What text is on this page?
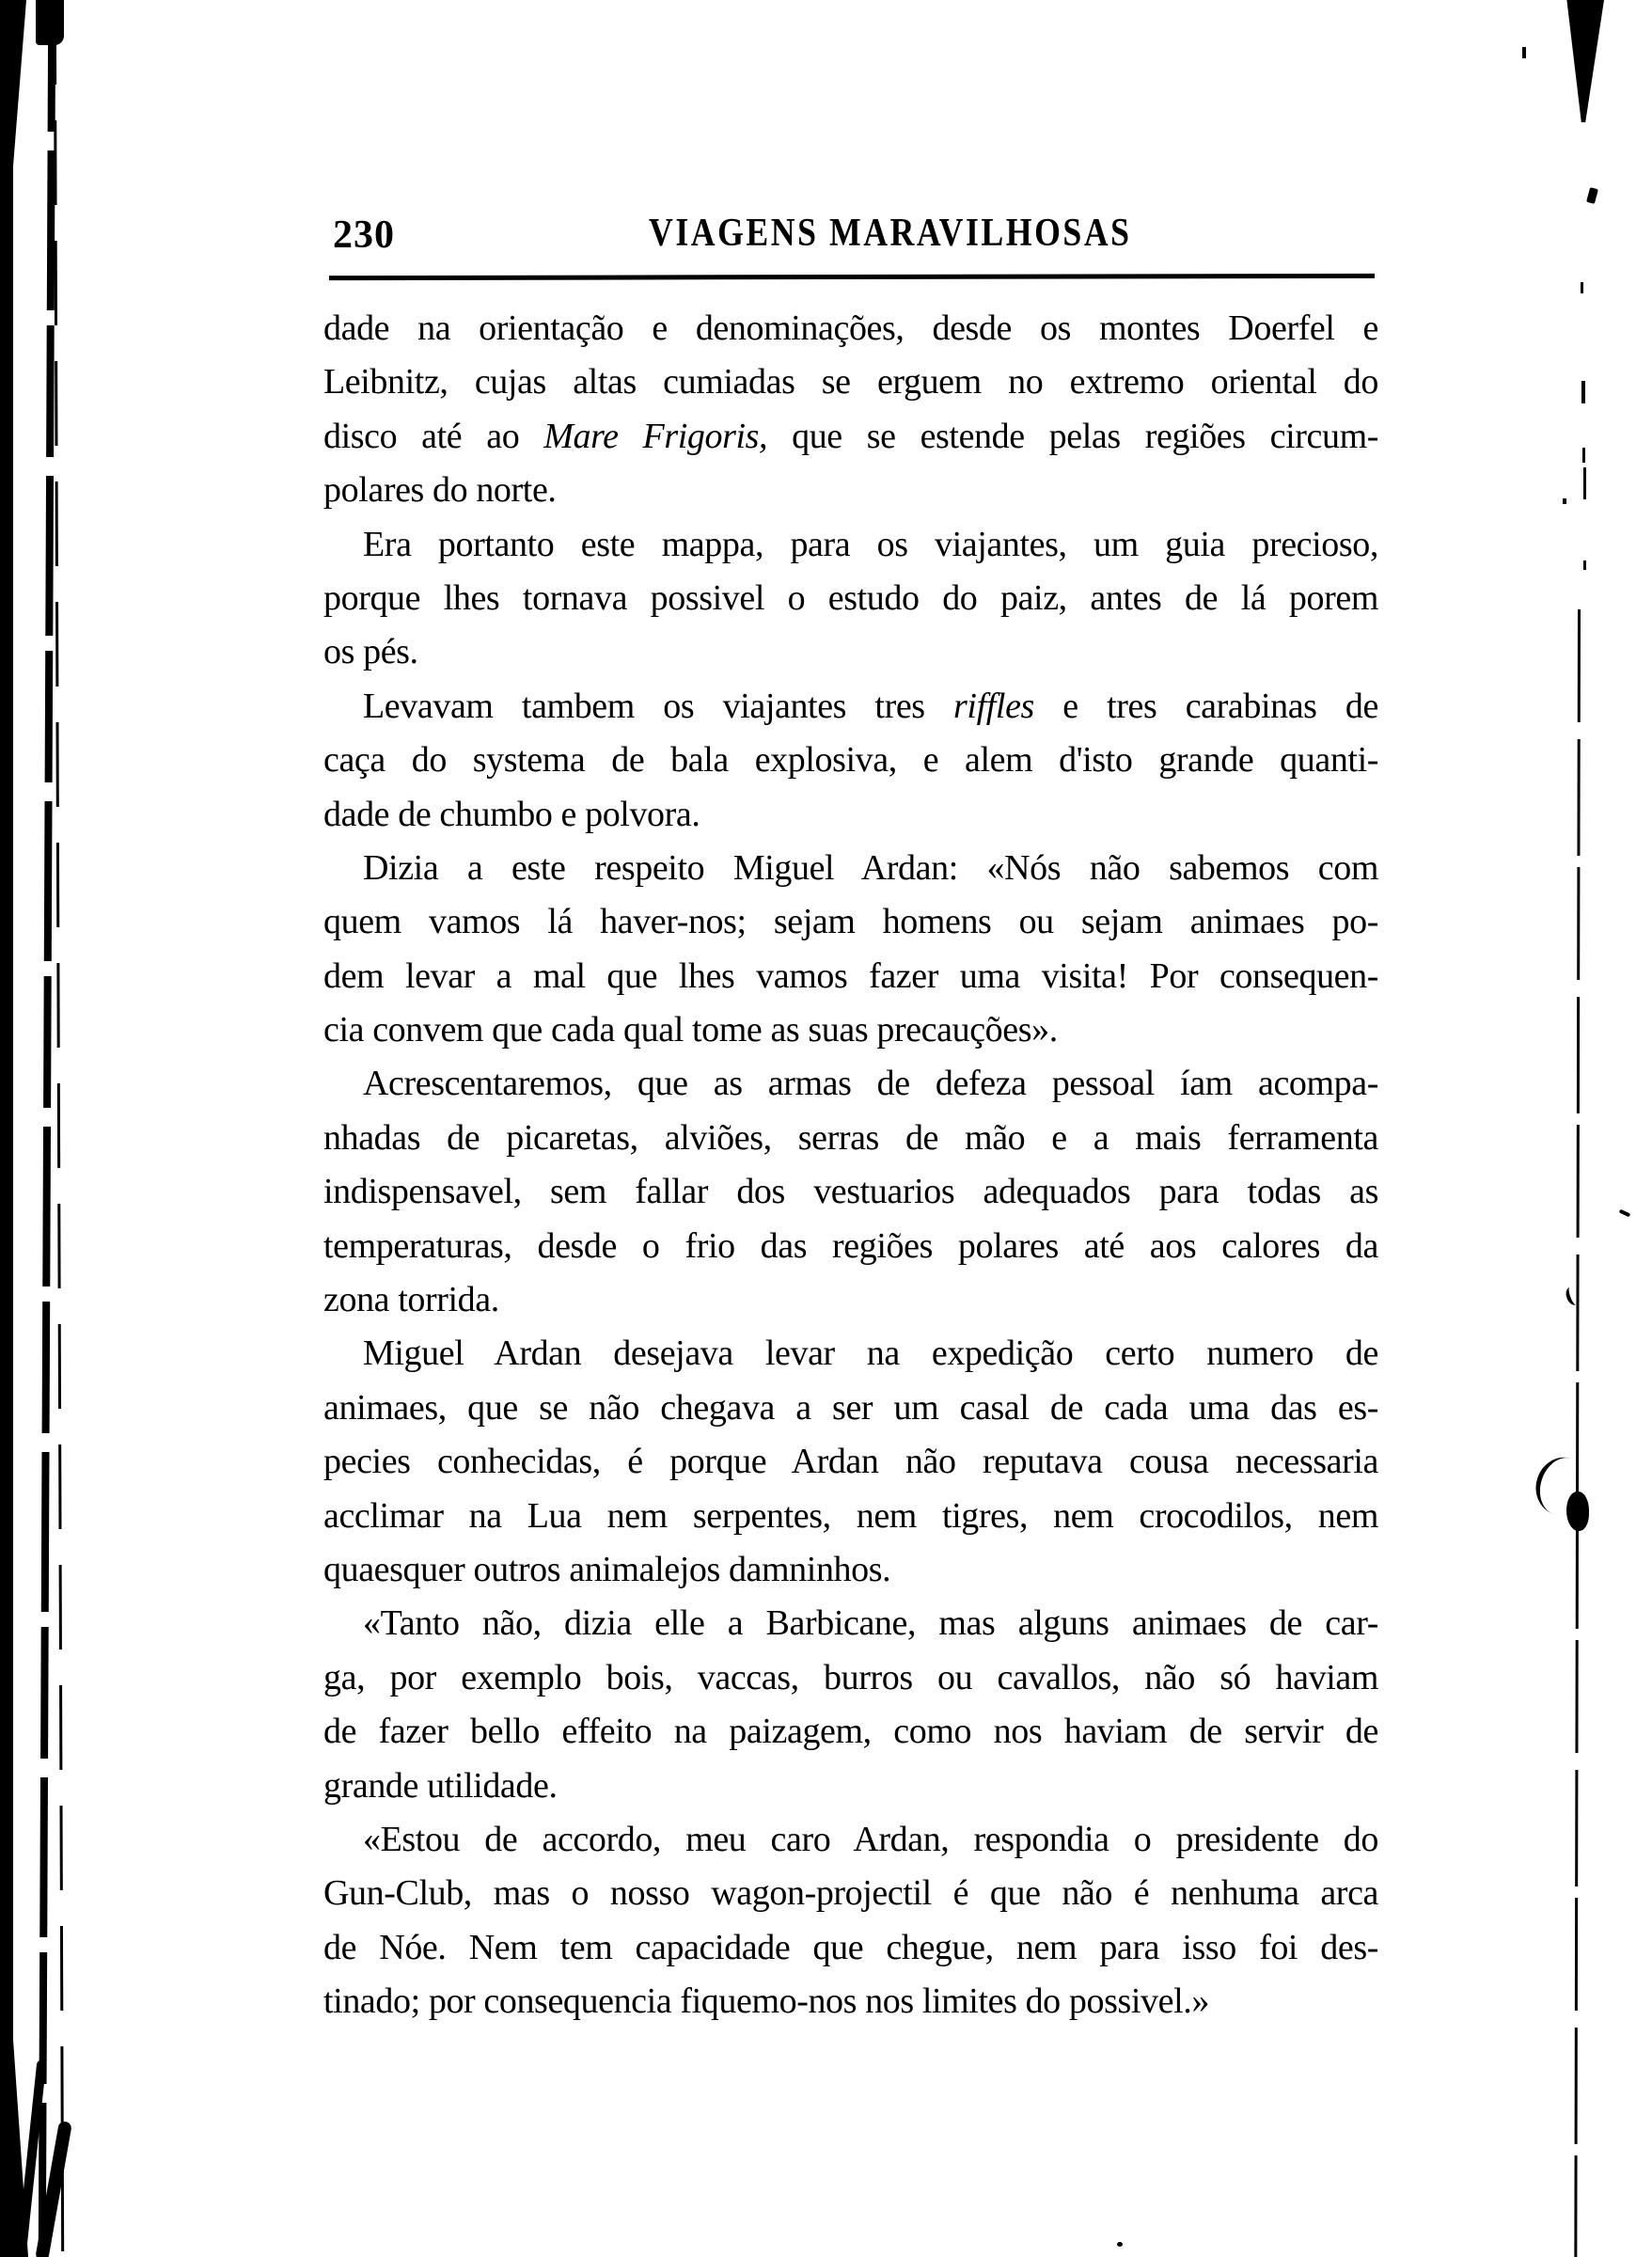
230	VIAGENS MARAVILHOSAS
dade na orientação e denominações, desde os montes Doerfel e
Leibnitz, cujas altas cumiadas se erguem no extremo oriental do
disco até ao Mare Frigoris, que se estende pelas regiões circum-
polares do norte.
Era portanto este mappa, para os viajantes, um guia precioso,
porque lhes tornava possivel o estudo do paiz, antes de lá porem
os pés.
Levavam tambem os viajantes tres riffles e tres carabinas de
caça do systema de bala explosiva, e alem d'isto grande quanti-
dade de chumbo e polvora.
Dizia a este respeito Miguel Ardan: «Nós não sabemos com
quem vamos lá haver-nos; sejam homens ou sejam animaes po-
dem levar a mal que lhes vamos fazer uma visita! Por consequen-
cia convem que cada qual tome as suas precauções».
Acrescentaremos, que as armas de defeza pessoal íam acompa-
nhadas de picaretas, alviões, serras de mão e a mais ferramenta
indispensavel, sem fallar dos vestuarios adequados para todas as
temperaturas, desde o frio das regiões polares até aos calores da
zona torrida.
Miguel Ardan desejava levar na expedição certo numero de
animaes, que se não chegava a ser um casal de cada uma das es-
pecies conhecidas, é porque Ardan não reputava cousa necessaria
acclimar na Lua nem serpentes, nem tigres, nem crocodilos, nem
quaesquer outros animalejos damninhos.
«Tanto não, dizia elle a Barbicane, mas alguns animaes de car-
ga, por exemplo bois, vaccas, burros ou cavallos, não só haviam
de fazer bello effeito na paizagem, como nos haviam de servir de
grande utilidade.
«Estou de accordo, meu caro Ardan, respondia o presidente do
Gun-Club, mas o nosso wagon-projectil é que não é nenhuma arca
de Nóe. Nem tem capacidade que chegue, nem para isso foi des-
tinado; por consequencia fiquemo-nos nos limites do possivel.»
